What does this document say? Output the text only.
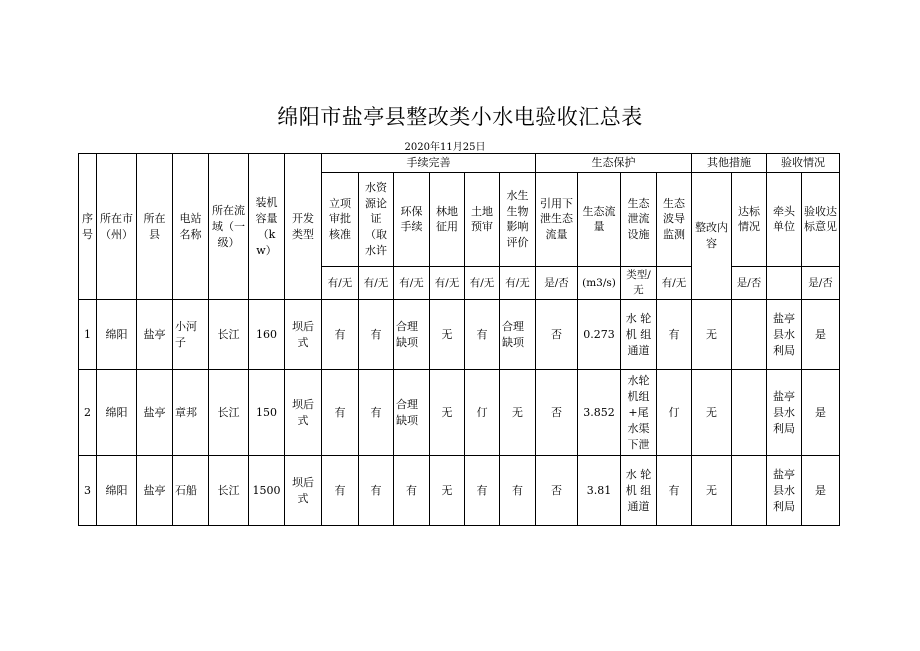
绵阳市盐亭县整改类小水电验收汇总表
2020年11月25日
序号	所在市（州）	所在县	电站名称	所在流域（一级）	装机容量（kw）	开发类型	手续完善						生态保护				其他措施		验收情况	
							立项审批核准	水资源论证（取水许	环保手续	林地征用	土地预审	水生生物影响评价	引用下泄生态流量	生态流量	生态泄流设施	生态波导监测	整改内容	达标情况	牵头单位	验收达标意见
							有/无	有/无	有/无	有/无	有/无	有/无	是/否	(m3/s)	类型/无	有/无		是/否		是/否
1	绵阳	盐亭	小河子	长江	160	坝后式	有	有	合理缺项	无	有	合理缺项	否	0.273	水 轮 机 组 通道	有	无		盐亭县水利局	是
2	绵阳	盐亭	章邦	长江	150	坝后式	有	有	合理缺项	无	仃	无	否	3.852	水轮机组+尾水渠下泄	仃	无		盐亭县水利局	是
3	绵阳	盐亭	石船	长江	1500	坝后式	有	有	有	无	有	有	否	3.81	水 轮 机 组 通道	有	无		盐亭县水利局	是
